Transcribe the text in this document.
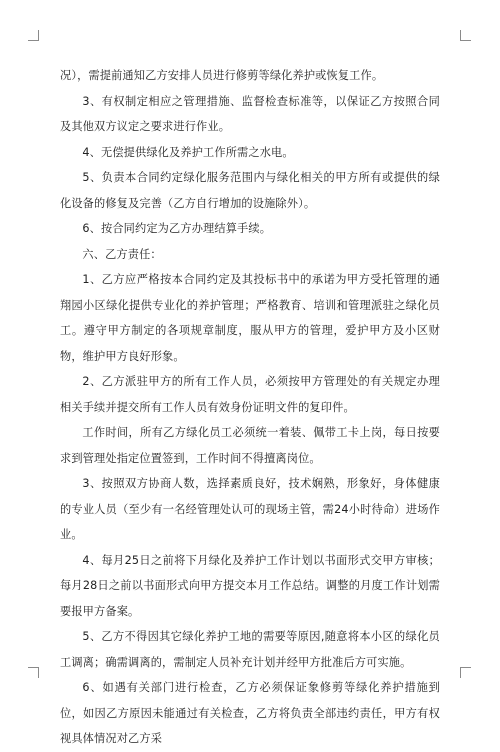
况），需提前通知乙方安排人员进行修剪等绿化养护或恢复工作。

3、有权制定相应之管理措施、监督检查标准等，以保证乙方按照合同及其他双方议定之要求进行作业。

4、无偿提供绿化及养护工作所需之水电。

5、负责本合同约定绿化服务范围内与绿化相关的甲方所有或提供的绿化设备的修复及完善（乙方自行增加的设施除外）。

6、按合同约定为乙方办理结算手续。

六、乙方责任：

1、乙方应严格按本合同约定及其投标书中的承诺为甲方受托管理的通翔园小区绿化提供专业化的养护管理；严格教育、培训和管理派驻之绿化员工。遵守甲方制定的各项规章制度，服从甲方的管理，爱护甲方及小区财物，维护甲方良好形象。

2、乙方派驻甲方的所有工作人员，必须按甲方管理处的有关规定办理相关手续并提交所有工作人员有效身份证明文件的复印件。

工作时间，所有乙方绿化员工必须统一着装、佩带工卡上岗，每日按要求到管理处指定位置签到，工作时间不得擅离岗位。

3、按照双方协商人数，选择素质良好，技术娴熟，形象好，身体健康的专业人员（至少有一名经管理处认可的现场主管，需24小时待命）进场作业。

4、每月25日之前将下月绿化及养护工作计划以书面形式交甲方审核；每月28日之前以书面形式向甲方提交本月工作总结。调整的月度工作计划需要报甲方备案。

5、乙方不得因其它绿化养护工地的需要等原因,随意将本小区的绿化员工调离；确需调离的，需制定人员补充计划并经甲方批准后方可实施。

6、如遇有关部门进行检查，乙方必须保证象修剪等绿化养护措施到位，如因乙方原因未能通过有关检查，乙方将负责全部违约责任，甲方有权视具体情况对乙方采
